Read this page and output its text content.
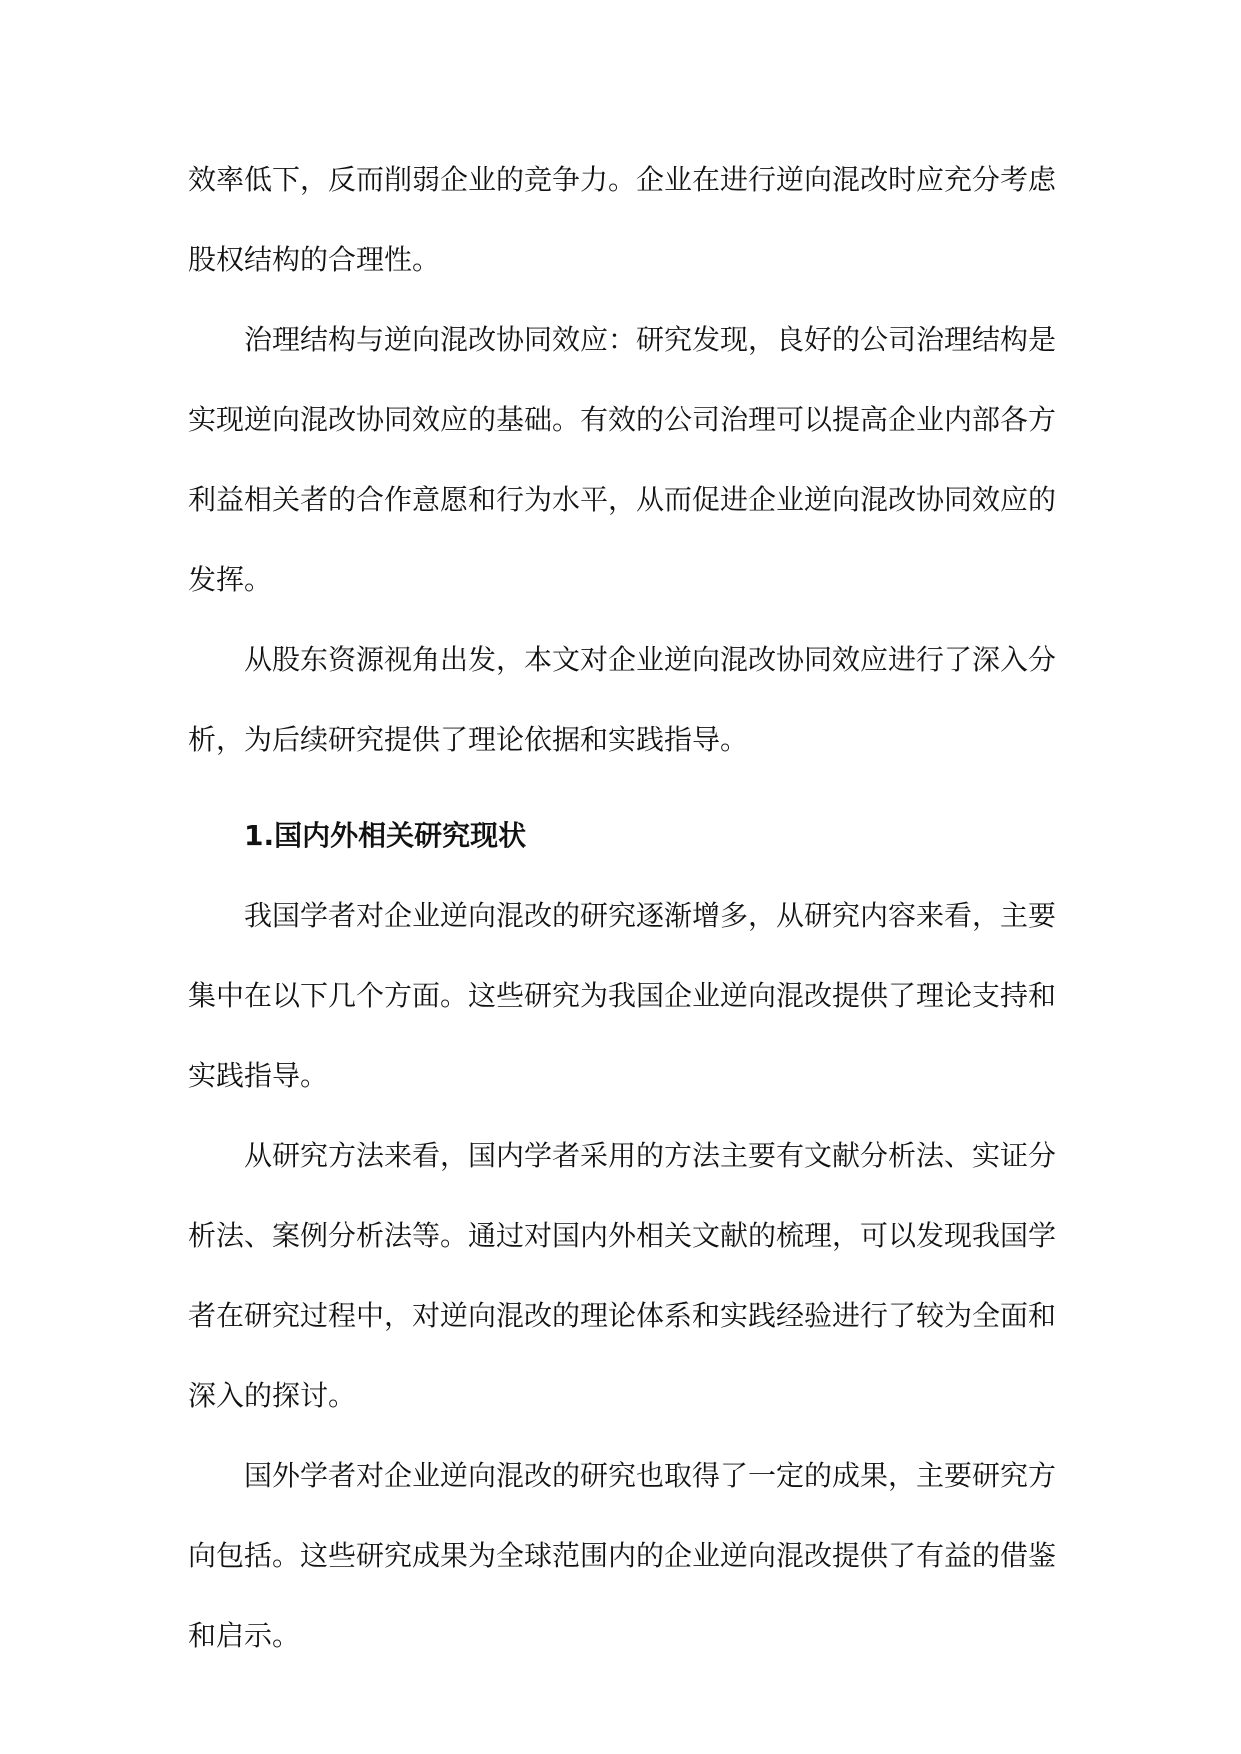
效率低下，反而削弱企业的竞争力。企业在进行逆向混改时应充分考虑股权结构的合理性。

治理结构与逆向混改协同效应：研究发现，良好的公司治理结构是实现逆向混改协同效应的基础。有效的公司治理可以提高企业内部各方利益相关者的合作意愿和行为水平，从而促进企业逆向混改协同效应的发挥。

从股东资源视角出发，本文对企业逆向混改协同效应进行了深入分析，为后续研究提供了理论依据和实践指导。

1.国内外相关研究现状

我国学者对企业逆向混改的研究逐渐增多，从研究内容来看，主要集中在以下几个方面。这些研究为我国企业逆向混改提供了理论支持和实践指导。

从研究方法来看，国内学者采用的方法主要有文献分析法、实证分析法、案例分析法等。通过对国内外相关文献的梳理，可以发现我国学者在研究过程中，对逆向混改的理论体系和实践经验进行了较为全面和深入的探讨。

国外学者对企业逆向混改的研究也取得了一定的成果，主要研究方向包括。这些研究成果为全球范围内的企业逆向混改提供了有益的借鉴和启示。
